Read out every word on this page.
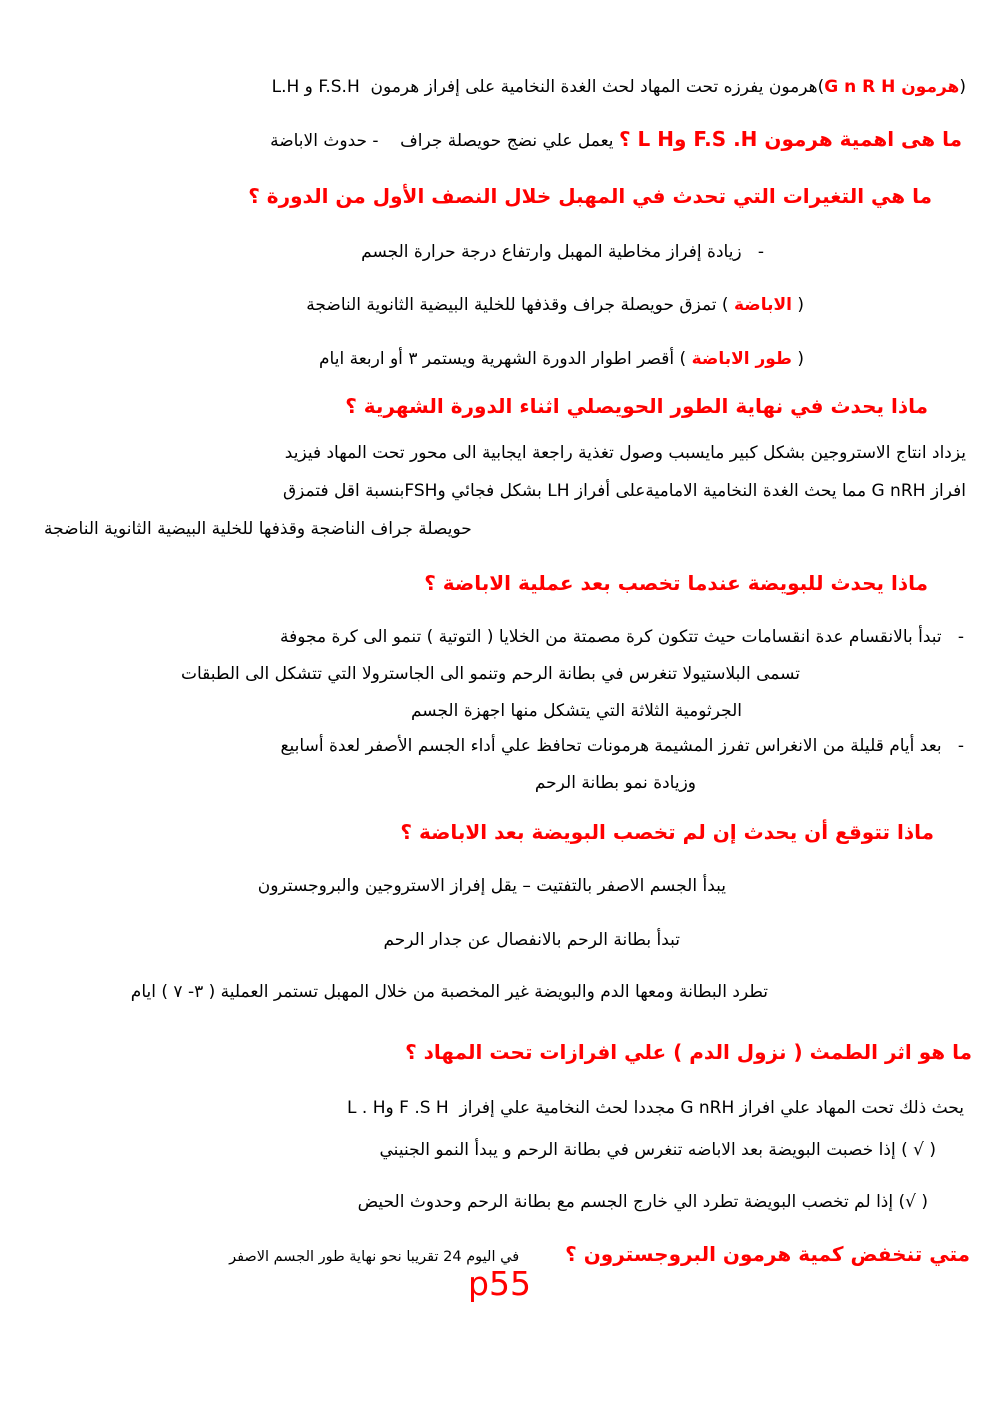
(هرمون G n R H)هرمون يفرزه تحت المهاد لحث الغدة النخامية على إفراز هرمون  F.S.H و L.H
ما هى اهمية هرمون F.S .H وL H ؟ يعمل علي نضج حويصلة جراف    - حدوث الاباضة
ما هي التغيرات التي تحدث في المهبل خلال النصف الأول من الدورة ؟
-   زيادة إفراز مخاطية المهبل وارتفاع درجة حرارة الجسم
( الاباضة ) تمزق حويصلة جراف وقذفها للخلية البيضية الثانوية الناضجة
( طور الاباضة ) أقصر اطوار الدورة الشهرية ويستمر ٣ أو اربعة ايام
ماذا يحدث في نهاية الطور الحويصلي اثناء الدورة الشهرية ؟
يزداد انتاج الاستروجين بشكل كبير مايسبب وصول تغذية راجعة ايجابية الى محور تحت المهاد فيزيد
افراز G nRH مما يحث الغدة النخامية الاماميةعلى أفراز LH بشكل فجائي وFSHبنسبة اقل فتمزق
حويصلة جراف الناضجة وقذفها للخلية البيضية الثانوية الناضجة
ماذا يحدث للبويضة عندما تخصب بعد عملية الاباضة ؟
-   تبدأ بالانقسام عدة انقسامات حيث تتكون كرة مصمتة من الخلايا ( التوتية ) تنمو الى كرة مجوفة
تسمى البلاستيولا تنغرس في بطانة الرحم وتنمو الى الجاسترولا التي تتشكل الى الطبقات
الجرثومية الثلاثة التي يتشكل منها اجهزة الجسم
-   بعد أيام قليلة من الانغراس تفرز المشيمة هرمونات تحافظ علي أداء الجسم الأصفر لعدة أسابيع
وزيادة نمو بطانة الرحم
ماذا تتوقع أن يحدث إن لم تخصب البويضة بعد الاباضة ؟
يبدأ الجسم الاصفر بالتفتيت – يقل إفراز الاستروجين والبروجسترون
تبدأ بطانة الرحم بالانفصال عن جدار الرحم
تطرد البطانة ومعها الدم والبويضة غير المخصبة من خلال المهبل تستمر العملية ( ٣- ٧ ) ايام
ما هو اثر الطمث ( نزول الدم ) علي افرازات تحت المهاد ؟
يحث ذلك تحت المهاد علي افراز G nRH مجددا لحث النخامية علي إفراز  F .S H وL . H
( √ ) إذا خصبت البويضة بعد الاباضه تنغرس في بطانة الرحم و يبدأ النمو الجنيني
( √) إذا لم تخصب البويضة تطرد الي خارج الجسم مع بطانة الرحم وحدوث الحيض
متي تنخفض كمية هرمون البروجسترون ؟في اليوم 24 تقريبا نحو نهاية طور الجسم الاصفر
p55
